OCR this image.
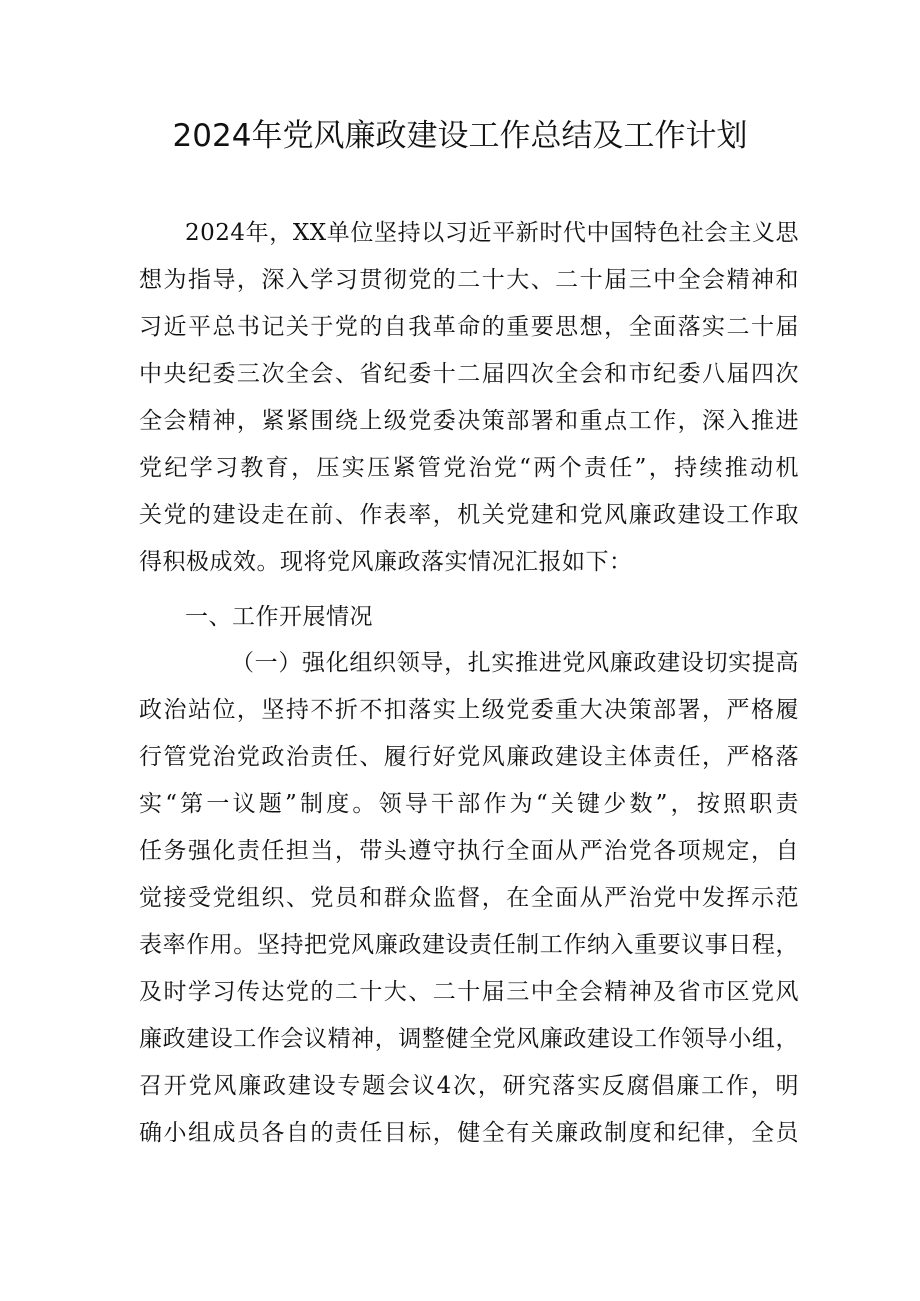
2024年党风廉政建设工作总结及工作计划
2024年，XX单位坚持以习近平新时代中国特色社会主义思
想为指导，深入学习贯彻党的二十大、二十届三中全会精神和
习近平总书记关于党的自我革命的重要思想，全面落实二十届
中央纪委三次全会、省纪委十二届四次全会和市纪委八届四次
全会精神，紧紧围绕上级党委决策部署和重点工作，深入推进
党纪学习教育，压实压紧管党治党“两个责任”，持续推动机
关党的建设走在前、作表率，机关党建和党风廉政建设工作取
得积极成效。现将党风廉政落实情况汇报如下：
一、工作开展情况
（一）强化组织领导，扎实推进党风廉政建设切实提高
政治站位，坚持不折不扣落实上级党委重大决策部署，严格履
行管党治党政治责任、履行好党风廉政建设主体责任，严格落
实“第一议题”制度。领导干部作为“关键少数”，按照职责
任务强化责任担当，带头遵守执行全面从严治党各项规定，自
觉接受党组织、党员和群众监督，在全面从严治党中发挥示范
表率作用。坚持把党风廉政建设责任制工作纳入重要议事日程，
及时学习传达党的二十大、二十届三中全会精神及省市区党风
廉政建设工作会议精神，调整健全党风廉政建设工作领导小组，
召开党风廉政建设专题会议4次，研究落实反腐倡廉工作，明
确小组成员各自的责任目标，健全有关廉政制度和纪律，全员
